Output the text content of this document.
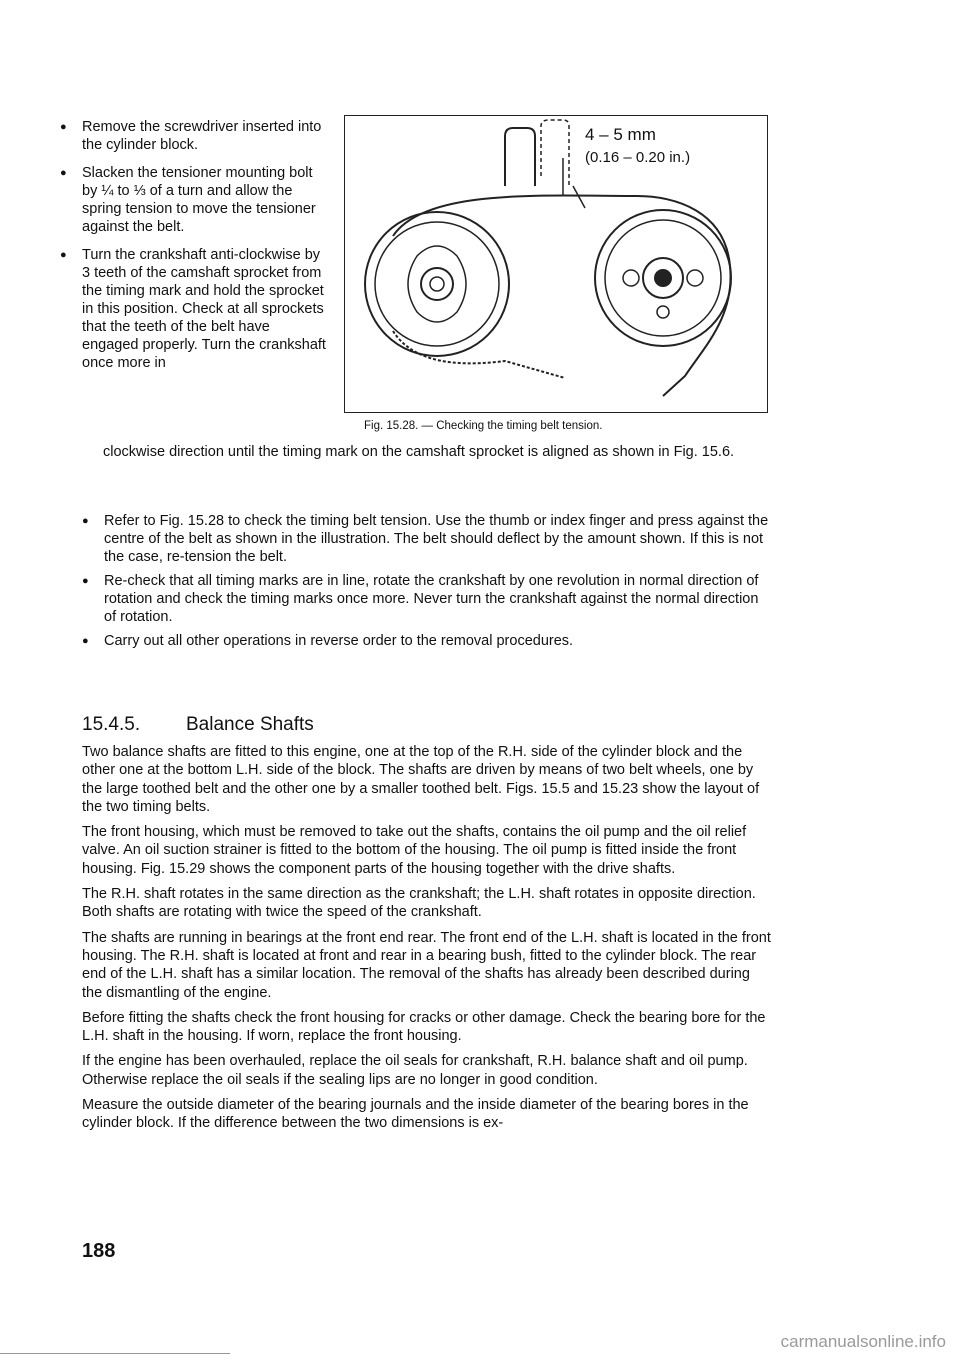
● Remove the screwdriver inserted into the cylinder block.
● Slacken the tensioner mounting bolt by ¼ to ⅓ of a turn and allow the spring tension to move the tensioner against the belt.
● Turn the crankshaft anti-clockwise by 3 teeth of the camshaft sprocket from the timing mark and hold the sprocket in this position. Check at all sprockets that the teeth of the belt have engaged properly. Turn the crankshaft once more in
4 – 5 mm
(0.16 – 0.20 in.)
Fig. 15.28. — Checking the timing belt tension.
clockwise direction until the timing mark on the camshaft sprocket is aligned as shown in Fig. 15.6.
● Refer to Fig. 15.28 to check the timing belt tension. Use the thumb or index finger and press against the centre of the belt as shown in the illustration. The belt should deflect by the amount shown. If this is not the case, re-tension the belt.
● Re-check that all timing marks are in line, rotate the crankshaft by one revolution in normal direction of rotation and check the timing marks once more. Never turn the crankshaft against the normal direction of rotation.
● Carry out all other operations in reverse order to the removal procedures.
15.4.5. Balance Shafts

Two balance shafts are fitted to this engine, one at the top of the R.H. side of the cylinder block and the other one at the bottom L.H. side of the block. The shafts are driven by means of two belt wheels, one by the large toothed belt and the other one by a smaller toothed belt. Figs. 15.5 and 15.23 show the layout of the two timing belts.

The front housing, which must be removed to take out the shafts, contains the oil pump and the oil relief valve. An oil suction strainer is fitted to the bottom of the housing. The oil pump is fitted inside the front housing. Fig. 15.29 shows the component parts of the housing together with the drive shafts.

The R.H. shaft rotates in the same direction as the crankshaft; the L.H. shaft rotates in opposite direction. Both shafts are rotating with twice the speed of the crankshaft.

The shafts are running in bearings at the front end rear. The front end of the L.H. shaft is located in the front housing. The R.H. shaft is located at front and rear in a bearing bush, fitted to the cylinder block. The rear end of the L.H. shaft has a similar location. The removal of the shafts has already been described during the dismantling of the engine.

Before fitting the shafts check the front housing for cracks or other damage. Check the bearing bore for the L.H. shaft in the housing. If worn, replace the front housing.

If the engine has been overhauled, replace the oil seals for crankshaft, R.H. balance shaft and oil pump. Otherwise replace the oil seals if the sealing lips are no longer in good condition.

Measure the outside diameter of the bearing journals and the inside diameter of the bearing bores in the cylinder block. If the difference between the two dimensions is ex-

188
carmanualsonline.info
